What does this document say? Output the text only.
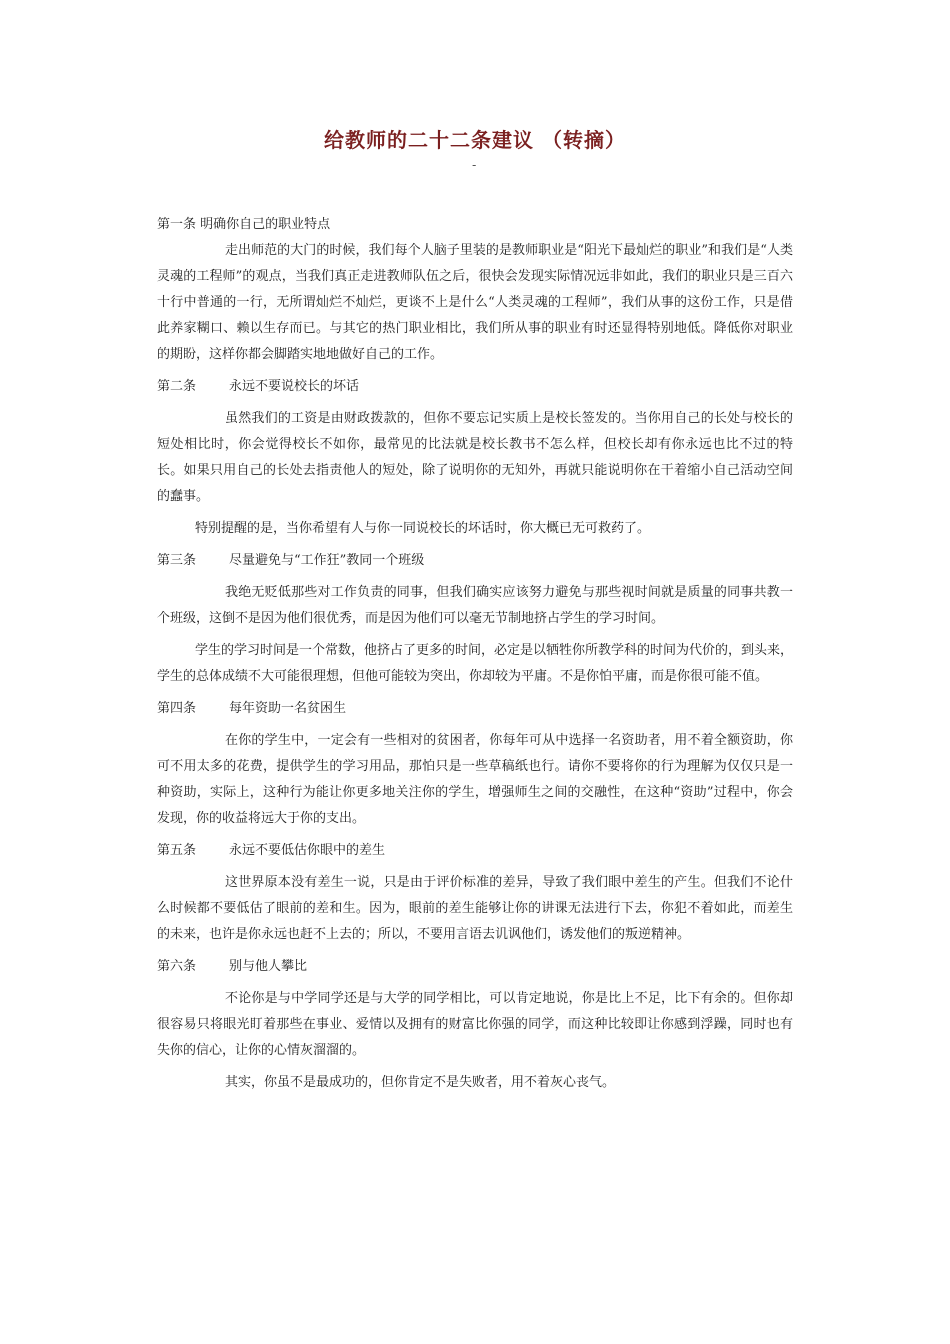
给教师的二十二条建议 （转摘）
-

第一条 明确你自己的职业特点

走出师范的大门的时候，我们每个人脑子里装的是教师职业是“阳光下最灿烂的职业”和我们是“人类灵魂的工程师”的观点，当我们真正走进教师队伍之后，很快会发现实际情况远非如此，我们的职业只是三百六十行中普通的一行，无所谓灿烂不灿烂，更谈不上是什么“人类灵魂的工程师”，我们从事的这份工作，只是借此养家糊口、赖以生存而已。与其它的热门职业相比，我们所从事的职业有时还显得特别地低。降低你对职业的期盼，这样你都会脚踏实地地做好自己的工作。

第二条	永远不要说校长的坏话

虽然我们的工资是由财政拨款的，但你不要忘记实质上是校长签发的。当你用自己的长处与校长的短处相比时，你会觉得校长不如你，最常见的比法就是校长教书不怎么样，但校长却有你永远也比不过的特长。如果只用自己的长处去指责他人的短处，除了说明你的无知外，再就只能说明你在干着缩小自己活动空间的蠢事。

特别提醒的是，当你希望有人与你一同说校长的坏话时，你大概已无可救药了。

第三条	尽量避免与“工作狂”教同一个班级

我绝无贬低那些对工作负责的同事，但我们确实应该努力避免与那些视时间就是质量的同事共教一个班级，这倒不是因为他们很优秀，而是因为他们可以毫无节制地挤占学生的学习时间。

学生的学习时间是一个常数，他挤占了更多的时间，必定是以牺牲你所教学科的时间为代价的，到头来，学生的总体成绩不大可能很理想，但他可能较为突出，你却较为平庸。不是你怕平庸，而是你很可能不值。

第四条	每年资助一名贫困生

在你的学生中，一定会有一些相对的贫困者，你每年可从中选择一名资助者，用不着全额资助，你可不用太多的花费，提供学生的学习用品，那怕只是一些草稿纸也行。请你不要将你的行为理解为仅仅只是一种资助，实际上，这种行为能让你更多地关注你的学生，增强师生之间的交融性，在这种“资助”过程中，你会发现，你的收益将远大于你的支出。

第五条	永远不要低估你眼中的差生

这世界原本没有差生一说，只是由于评价标准的差异，导致了我们眼中差生的产生。但我们不论什么时候都不要低估了眼前的差和生。因为，眼前的差生能够让你的讲课无法进行下去，你犯不着如此，而差生的未来，也许是你永远也赶不上去的；所以，不要用言语去讥讽他们，诱发他们的叛逆精神。

第六条	别与他人攀比

不论你是与中学同学还是与大学的同学相比，可以肯定地说，你是比上不足，比下有余的。但你却很容易只将眼光盯着那些在事业、爱情以及拥有的财富比你强的同学，而这种比较即让你感到浮躁，同时也有失你的信心，让你的心情灰溜溜的。

其实，你虽不是最成功的，但你肯定不是失败者，用不着灰心丧气。
